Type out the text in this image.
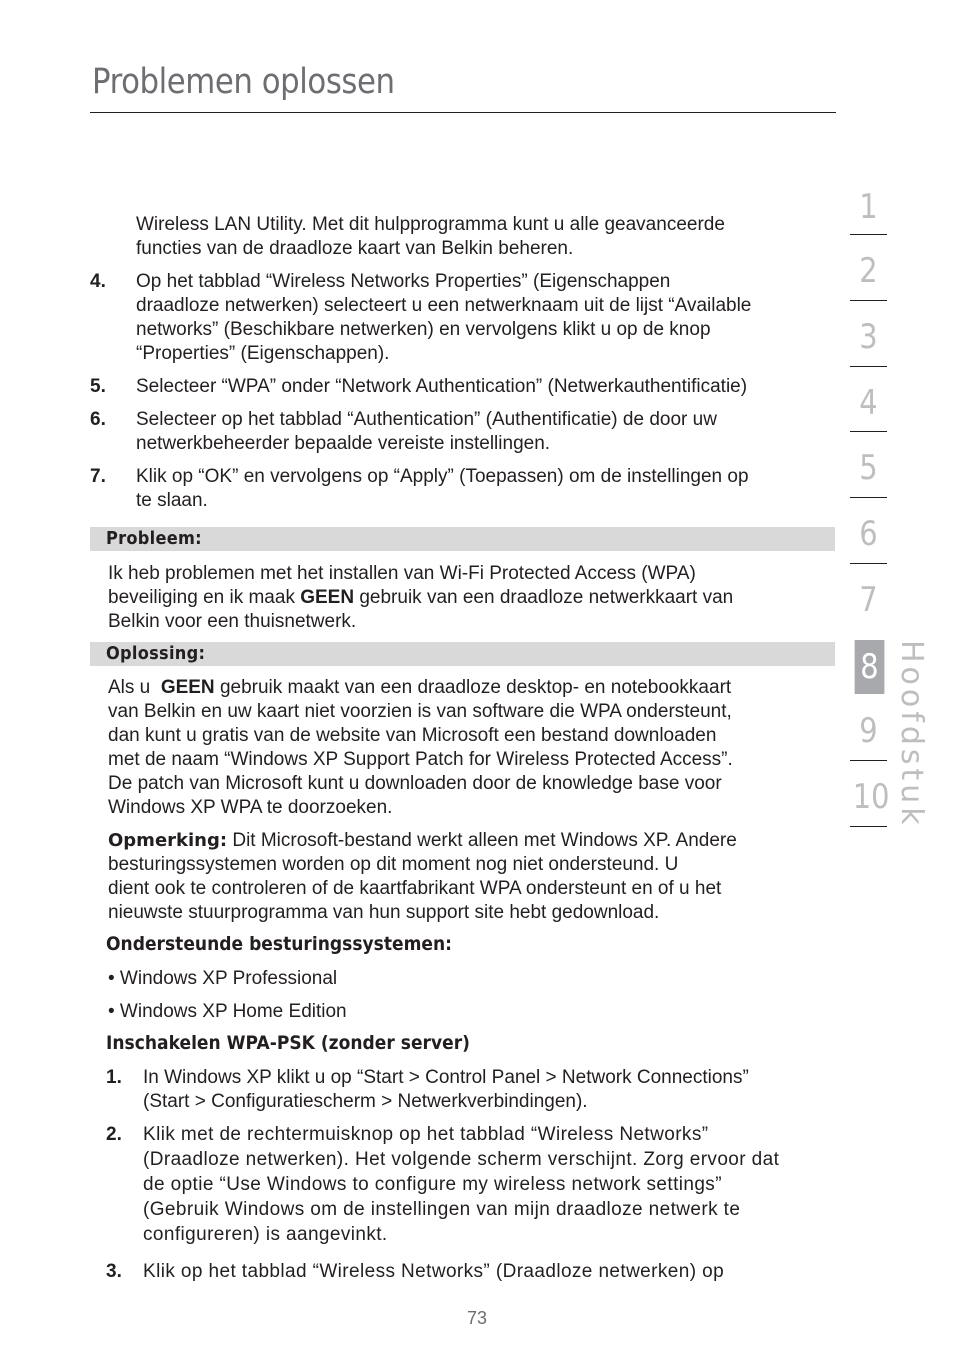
Problemen oplossen

Wireless LAN Utility. Met dit hulpprogramma kunt u alle geavanceerde

functies van de draadloze kaart van Belkin beheren.

4. Op het tabblad “Wireless Networks Properties” (Eigenschappen

draadloze netwerken) selecteert u een netwerknaam uit de lijst “Available

networks” (Beschikbare netwerken) en vervolgens klikt u op de knop

“Properties” (Eigenschappen).

5. Selecteer “WPA” onder “Network Authentication” (Netwerkauthentificatie)

6. Selecteer op het tabblad “Authentication” (Authentificatie) de door uw

netwerkbeheerder bepaalde vereiste instellingen.

7. Klik op “OK” en vervolgens op “Apply” (Toepassen) om de instellingen op

te slaan.

Probleem:

Ik heb problemen met het installen van Wi-Fi Protected Access (WPA)

beveiliging en ik maak GEEN gebruik van een draadloze netwerkkaart van

Belkin voor een thuisnetwerk.

Oplossing:

Als u  GEEN gebruik maakt van een draadloze desktop- en notebookkaart

van Belkin en uw kaart niet voorzien is van software die WPA ondersteunt,

dan kunt u gratis van de website van Microsoft een bestand downloaden

met de naam “Windows XP Support Patch for Wireless Protected Access”.

De patch van Microsoft kunt u downloaden door de knowledge base voor

Windows XP WPA te doorzoeken.

Opmerking: Dit Microsoft-bestand werkt alleen met Windows XP. Andere

besturingssystemen worden op dit moment nog niet ondersteund. U

dient ook te controleren of de kaartfabrikant WPA ondersteunt en of u het

nieuwste stuurprogramma van hun support site hebt gedownload.

Ondersteunde besturingssystemen:

• Windows XP Professional

• Windows XP Home Edition

Inschakelen WPA-PSK (zonder server)
1. In Windows XP klikt u op “Start > Control Panel > Network Connections”

(Start > Configuratiescherm > Netwerkverbindingen).

2. Klik met de rechtermuisknop op het tabblad “Wireless Networks”

(Draadloze netwerken). Het volgende scherm verschijnt. Zorg ervoor dat

de optie “Use Windows to configure my wireless network settings”

(Gebruik Windows om de instellingen van mijn draadloze netwerk te

configureren) is aangevinkt.

3. Klik op het tabblad “Wireless Networks” (Draadloze netwerken) op

1
2
3
4
5
6
7
8
9
10 Hoofdstuk
73
